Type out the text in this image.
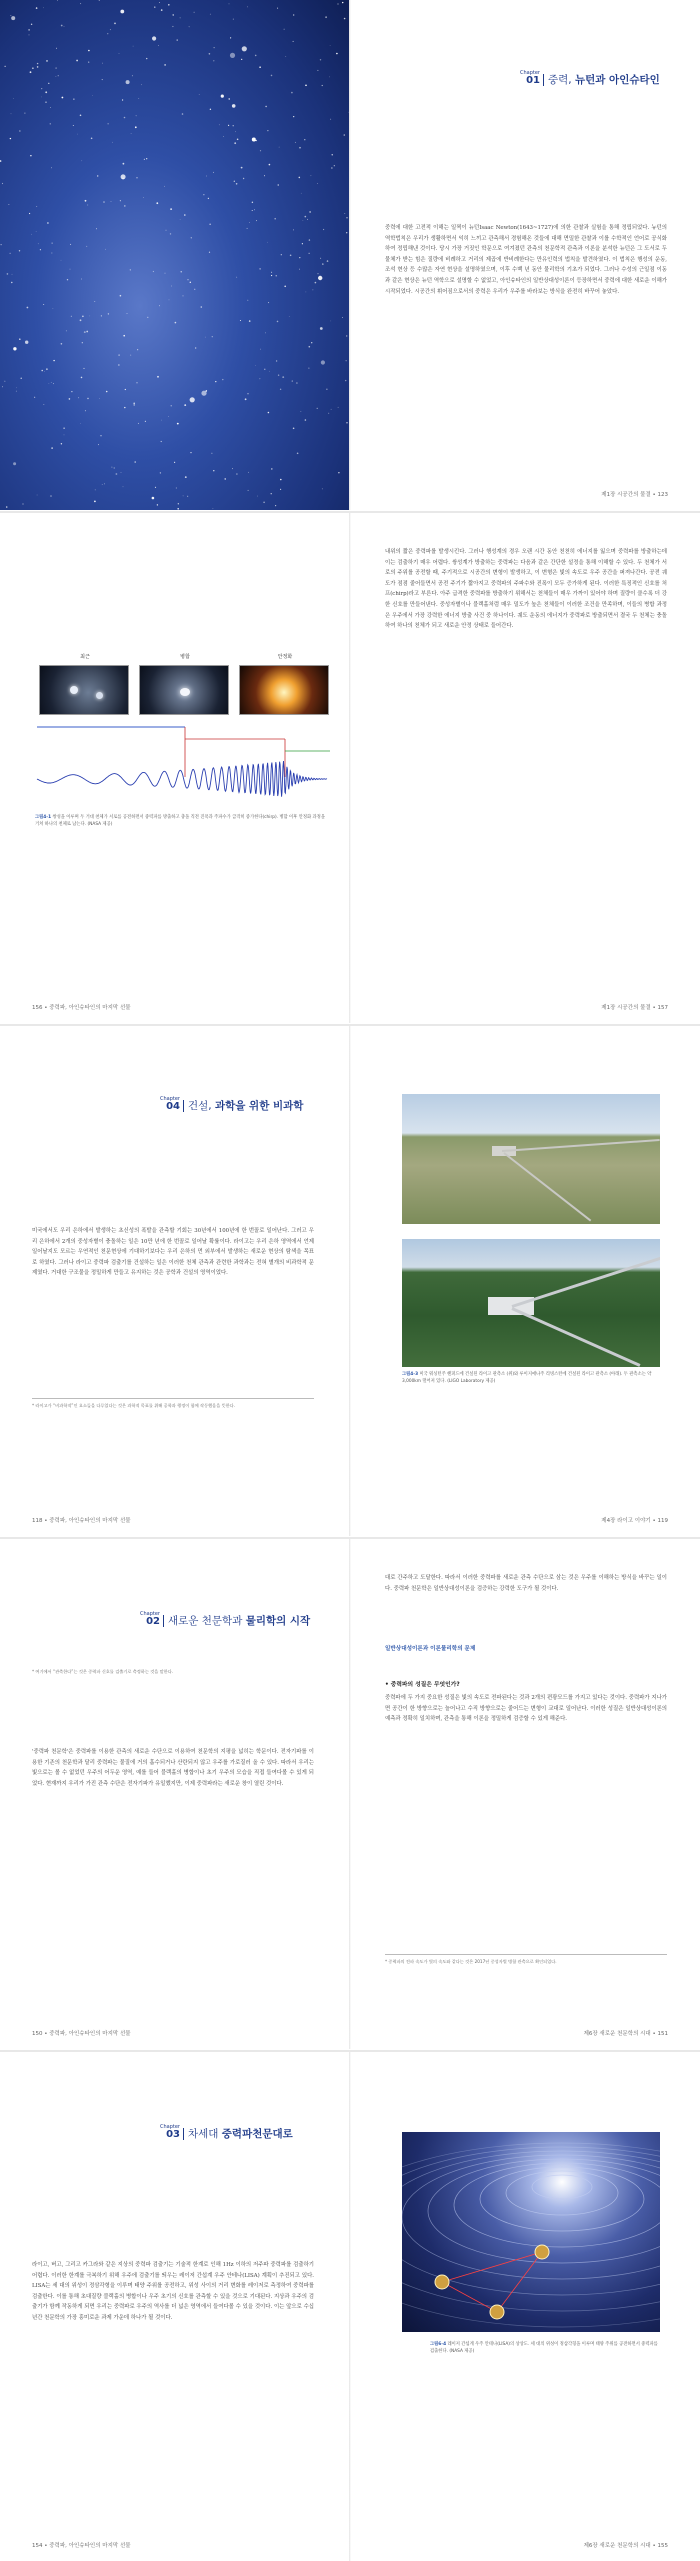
Chapter
01 중력, 뉴턴과 아인슈타인
중력에 대한 고전적 이해는 일찍이 뉴턴Isaac Newton(1643~1727)에 의한 관찰과 실험을 통해 정립되었다. 뉴턴의 역학법칙은 우리가 생활하면서 익히 느끼고 관측해서 경험해온 것들에 대해 면밀한 관찰과 이를 수학적인 언어로 공식화하여 정립해낸 것이다. 당시 가장 거짓인 학문으로 여겨졌던 관측의 천문학적 관측과 이론을 분석한 뉴턴은 그 도서로 두 물체가 받는 힘은 질량에 비례하고 거리의 제곱에 반비례한다는 만유인력의 법칙을 발견하였다. 이 법칙은 행성의 운동, 조석 현상 등 수많은 자연 현상을 설명하였으며, 이후 수백 년 동안 물리학의 기초가 되었다. 그러나 수성의 근일점 이동과 같은 현상은 뉴턴 역학으로 설명할 수 없었고, 아인슈타인의 일반상대성이론이 등장하면서 중력에 대한 새로운 이해가 시작되었다. 시공간의 휘어짐으로서의 중력은 우리가 우주를 바라보는 방식을 완전히 바꾸어 놓았다.
제1장 시공간의 물결 • 123
최근	병합	안정화
그림4-1 쌍성을 이루며 두 거대 천체가 서로를 공전하면서 중력파를 방출하고 충돌 직전 진폭과 주파수가 급격히 증가한다(chirp). 병합 이후 안정화 과정을 거쳐 하나의 천체로 남는다. (NASA 제공)
156 • 중력파, 아인슈타인의 마지막 선물
내위의 짧은 중력파를 발생시킨다. 그러나 행성계의 경우 오랜 시간 동안 천천히 에너지를 잃으며 중력파를 방출하는데 이는 검출하기 매우 어렵다. 쌍성계가 방출하는 중력파는 다음과 같은 간단한 설정을 통해 이해할 수 있다. 두 천체가 서로의 주위를 공전할 때, 주기적으로 시공간의 변형이 발생하고, 이 변형은 빛의 속도로 우주 공간을 퍼져나간다. 공전 궤도가 점점 줄어들면서 공전 주기가 짧아지고 중력파의 주파수와 진폭이 모두 증가하게 된다. 이러한 특징적인 신호를 처프(chirp)라고 부른다. 아주 급격한 중력파를 방출하기 위해서는 천체들이 매우 가까이 있어야 하며 질량이 클수록 더 강한 신호를 만들어낸다. 중성자별이나 블랙홀처럼 매우 밀도가 높은 천체들이 이러한 조건을 만족하며, 이들의 병합 과정은 우주에서 가장 강력한 에너지 방출 사건 중 하나이다. 궤도 운동의 에너지가 중력파로 방출되면서 결국 두 천체는 충돌하여 하나의 천체가 되고 새로운 안정 상태로 들어간다.
제1장 시공간의 물결 • 157
Chapter
04 건설, 과학을 위한 비과학
미국에서도 우리 은하에서 발생하는 초신성의 폭발을 관측할 기회는 30년에서 100년에 한 번꼴로 일어난다. 그러고 우리 은하에서 2개의 중성자별이 충돌하는 일은 10만 년에 한 번꼴로 일어날 확률이다. 라이고는 우리 은하 영역에서 언제 일어날지도 모르는 우연적인 천문현상에 기대하기보다는 우리 은하의 먼 외부에서 발생하는 새로운 현상의 탐색을 목표로 하였다. 그러나 라이고 중력파 검출기를 건설하는 일은 이러한 천체 관측과 관련한 과학과는 전혀 별개의 비과학적 문제였다. 거대한 구조물을 정밀하게 만들고 유지하는 것은 공학과 건설의 영역이었다.
* 라이고가 “비과학적”인 요소들을 다루었다는 것은 과학적 목표를 위해 공학과 행정이 함께 작동했음을 뜻한다.
118 • 중력파, 아인슈타인의 마지막 선물
그림4-3 미국 워싱턴주 핸퍼드에 건설된 라이고 관측소 (위)와 루이지애나주 리빙스턴에 건설된 라이고 관측소 (아래). 두 관측소는 약 3,000km 떨어져 있다. (LIGO Laboratory 제공)
제4장 라이고 이야기 • 119
Chapter
02 새로운 천문학과 물리학의 시작
'중력파 천문학'은 중력파를 이용한 관측의 새로운 수단으로 이용하여 천문학의 지평을 넓히는 학문이다. 전자기파를 이용한 기존의 천문학과 달리 중력파는 물질에 거의 흡수되거나 산란되지 않고 우주를 가로질러 올 수 있다. 따라서 우리는 빛으로는 볼 수 없었던 우주의 어두운 영역, 예를 들어 블랙홀의 병합이나 초기 우주의 모습을 직접 들여다볼 수 있게 되었다. 현재까지 우리가 가진 관측 수단은 전자기파가 유일했지만, 이제 중력파라는 새로운 창이 열린 것이다.
* 여기에서 “관측한다”는 것은 중력파 신호를 검출기로 측정하는 것을 말한다.
150 • 중력파, 아인슈타인의 마지막 선물
대로 간주하고 도달한다. 따라서 이러한 중력파를 새로운 관측 수단으로 삼는 것은 우주를 이해하는 방식을 바꾸는 일이다. 중력파 천문학은 일반상대성이론을 검증하는 강력한 도구가 될 것이다.
일반상대성이론과 이론물리학의 문제
• 중력파의 성질은 무엇인가?
중력파에 두 가지 중요한 성질은 빛의 속도로 전파된다는 것과 2개의 편광모드를 가지고 있다는 것이다. 중력파가 지나가면 공간이 한 방향으로는 늘어나고 수직 방향으로는 줄어드는 변형이 교대로 일어난다. 이러한 성질은 일반상대성이론의 예측과 정확히 일치하며, 관측을 통해 이론을 정밀하게 검증할 수 있게 해준다.
* 중력파의 전파 속도가 빛의 속도와 같다는 것은 2017년 중성자별 병합 관측으로 확인되었다.
제6장 새로운 천문학의 시대 • 151
Chapter
03 차세대 중력파천문대로
라이고, 버고, 그리고 카그라와 같은 지상의 중력파 검출기는 기술적 한계로 인해 1Hz 이하의 저주파 중력파를 검출하기 어렵다. 이러한 한계를 극복하기 위해 우주에 검출기를 띄우는 레이저 간섭계 우주 안테나(LISA) 계획이 추진되고 있다. LISA는 세 대의 위성이 정삼각형을 이루며 태양 주위를 공전하고, 위성 사이의 거리 변화를 레이저로 측정하여 중력파를 검출한다. 이를 통해 초대질량 블랙홀의 병합이나 우주 초기의 신호를 관측할 수 있을 것으로 기대된다. 지상과 우주의 검출기가 함께 작동하게 되면 우리는 중력파로 우주의 역사를 더 넓은 영역에서 들여다볼 수 있을 것이다. 이는 앞으로 수십 년간 천문학의 가장 흥미로운 과제 가운데 하나가 될 것이다.
154 • 중력파, 아인슈타인의 마지막 선물
그림6-4 레이저 간섭계 우주 안테나(LISA)의 상상도. 세 대의 위성이 정삼각형을 이루며 태양 주위를 공전하면서 중력파를 검출한다. (NASA 제공)
제6장 새로운 천문학의 시대 • 155
